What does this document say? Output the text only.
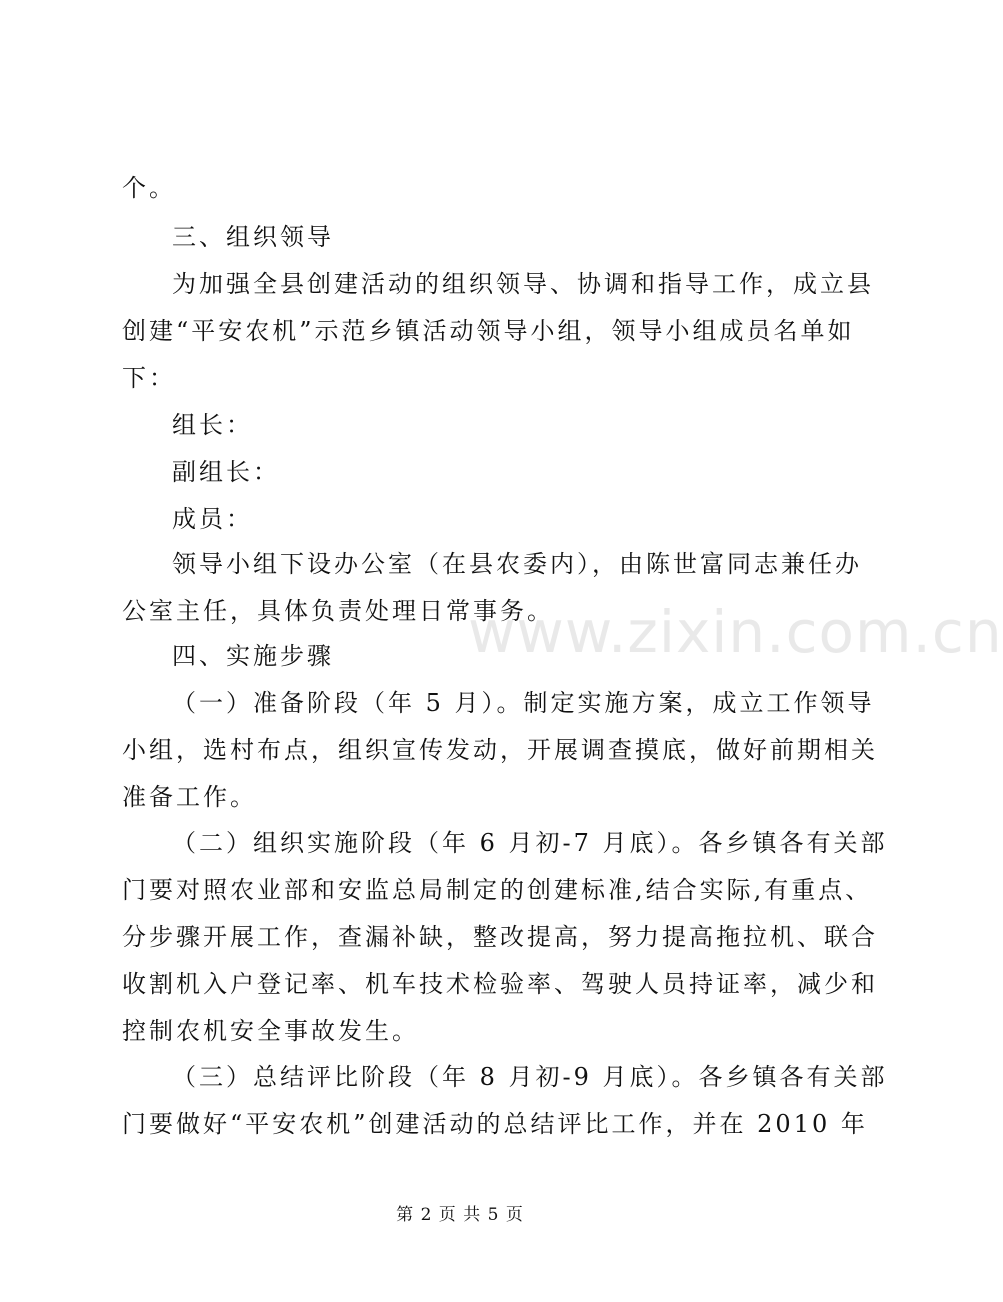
www.zixin.com.cn
个。
三、组织领导
为加强全县创建活动的组织领导、协调和指导工作，成立县
创建“平安农机”示范乡镇活动领导小组，领导小组成员名单如
下：
组长：
副组长：
成员：
领导小组下设办公室（在县农委内），由陈世富同志兼任办
公室主任，具体负责处理日常事务。
四、实施步骤
（一）准备阶段（年 5 月）。制定实施方案，成立工作领导
小组，选村布点，组织宣传发动，开展调查摸底，做好前期相关
准备工作。
（二）组织实施阶段（年 6 月初-7 月底）。各乡镇各有关部
门要对照农业部和安监总局制定的创建标准,结合实际,有重点、
分步骤开展工作，查漏补缺，整改提高，努力提高拖拉机、联合
收割机入户登记率、机车技术检验率、驾驶人员持证率，减少和
控制农机安全事故发生。
（三）总结评比阶段（年 8 月初-9 月底）。各乡镇各有关部
门要做好“平安农机”创建活动的总结评比工作，并在 2010 年
第 2 页 共 5 页
